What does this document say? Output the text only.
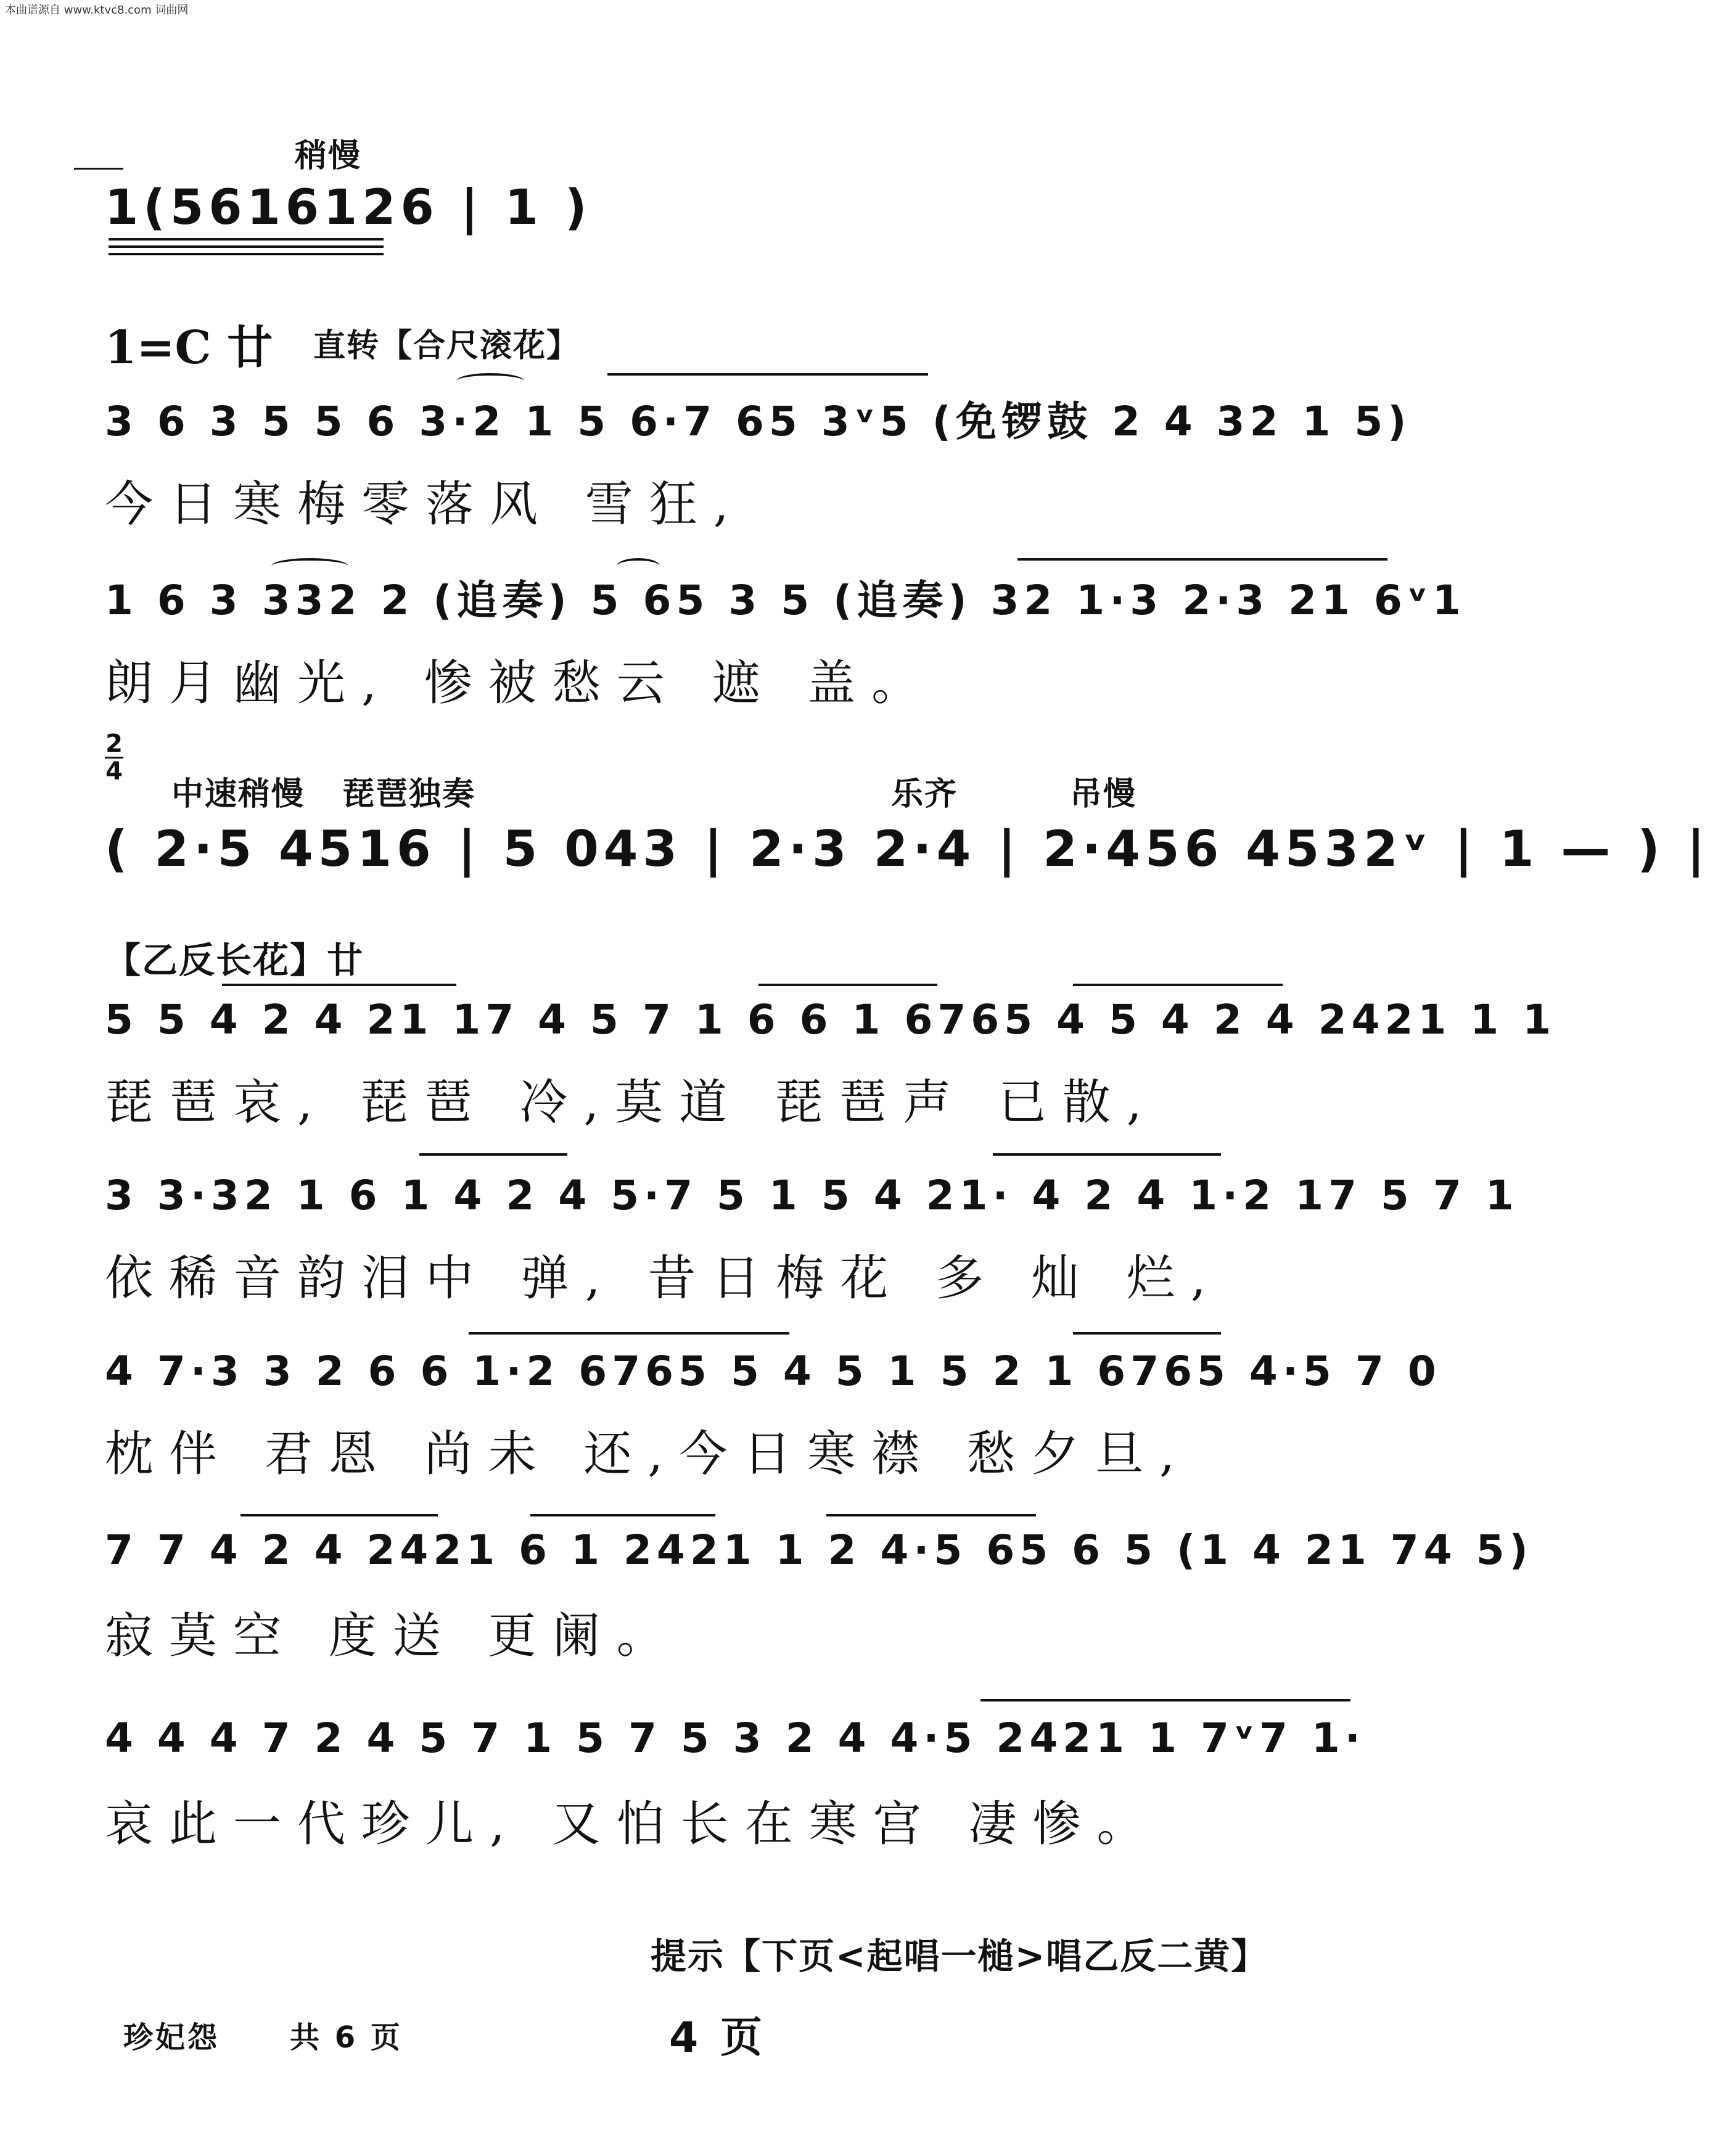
本曲谱源自 www.ktvc8.com 词曲网
稍慢
1(5616126 | 1 )
1=C 廿 直转【合尺滚花】
3 6 3 5 5 6 3·2 1 5 6·7 65 3ᵛ5 (免锣鼓 2 4 32 1 5)
今日寒梅零落风 雪狂,
1 6 3 332 2 (追奏) 5 65 3 5 (追奏) 32 1·3 2·3 21 6ᵛ1
朗月幽光, 惨被愁云 遮 盖。
2
4
中速稍慢 琵琶独奏	乐齐	吊慢
( 2·5 4516 | 5 043 | 2·3 2·4 | 2·456 4532ᵛ | 1 — ) |
【乙反长花】廿
5 5 4 2 4 21 17 4 5 7 1 6 6 1 6765 4 5 4 2 4 2421 1 1
琵琶哀, 琵琶 冷,莫道 琵琶声 已散,
3 3·32 1 6 1 4 2 4 5·7 5 1 5 4 21· 4 2 4 1·2 17 5 7 1
依稀音韵泪中 弹, 昔日梅花 多 灿 烂,
4 7·3 3 2 6 6 1·2 6765 5 4 5 1 5 2 1 6765 4·5 7 0
枕伴 君恩 尚未 还,今日寒襟 愁夕旦,
7 7 4 2 4 2421 6 1 2421 1 2 4·5 65 6 5 (1 4 21 74 5)
寂莫空 度送 更阑。
4 4 4 7 2 4 5 7 1 5 7 5 3 2 4 4·5 2421 1 7ᵛ7 1·
哀此一代珍儿, 又怕长在寒宫 凄惨。
提示【下页<起唱一槌>唱乙反二黄】
珍妃怨 共 6 页	4 页
